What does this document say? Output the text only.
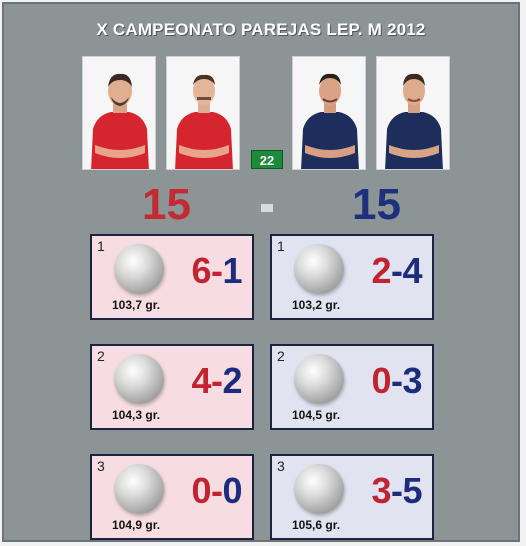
X CAMPEONATO PAREJAS LEP. M 2012
22
15	15
1
103,7 gr.
6-1
1
103,2 gr.
2-4
2
104,3 gr.
4-2
2
104,5 gr.
0-3
3
104,9 gr.
0-0
3
105,6 gr.
3-5
